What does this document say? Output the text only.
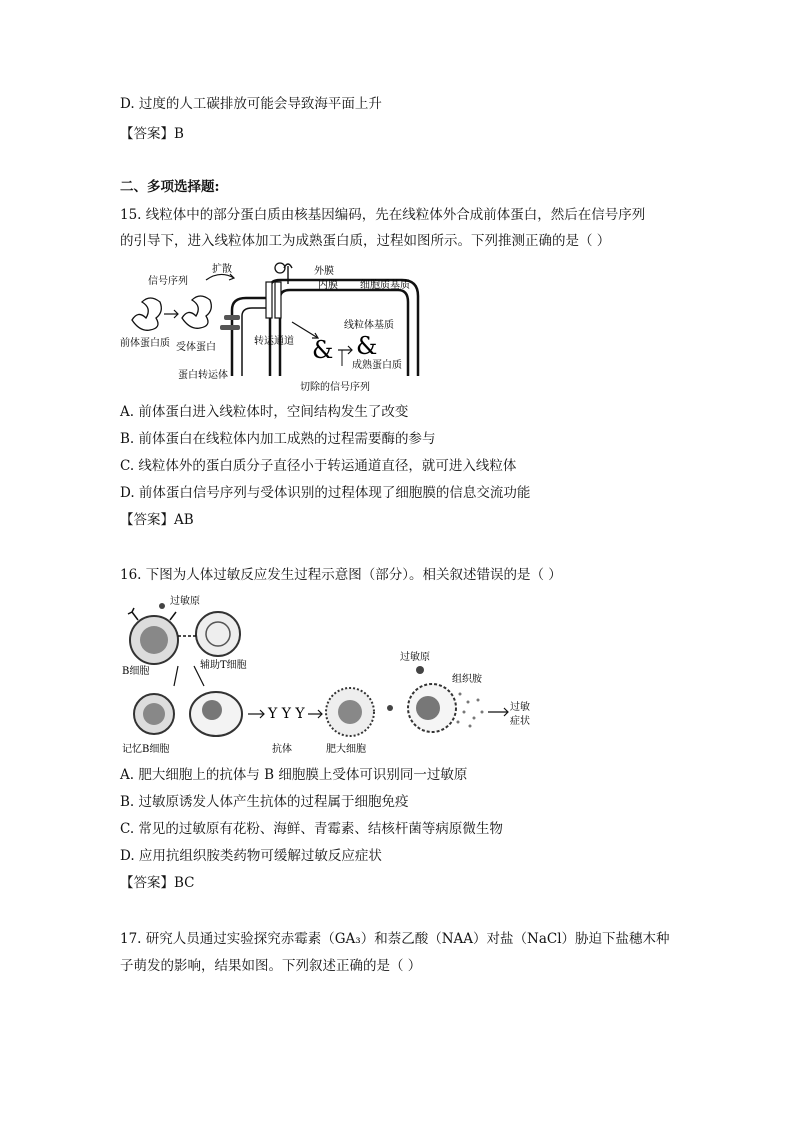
D. 过度的人工碳排放可能会导致海平面上升
【答案】B
二、多项选择题:
15. 线粒体中的部分蛋白质由核基因编码，先在线粒体外合成前体蛋白，然后在信号序列
的引导下，进入线粒体加工为成熟蛋白质，过程如图所示。下列推测正确的是（ ）
& &
信号序列
扩散	外膜
内膜 细胞质基质
前体蛋白质 受体蛋白
线粒体基质
转运通道
成熟蛋白质
蛋白转运体
切除的信号序列
A. 前体蛋白进入线粒体时，空间结构发生了改变
B. 前体蛋白在线粒体内加工成熟的过程需要酶的参与
C. 线粒体外的蛋白质分子直径小于转运通道直径，就可进入线粒体
D. 前体蛋白信号序列与受体识别的过程体现了细胞膜的信息交流功能
【答案】AB
16. 下图为人体过敏反应发生过程示意图（部分）。相关叙述错误的是（ ）
Y Y Y
过敏原
B细胞
辅助T细胞
记忆B细胞	抗体	肥大细胞
过敏原
组织胺
过敏
症状
A. 肥大细胞上的抗体与 B 细胞膜上受体可识别同一过敏原
B. 过敏原诱发人体产生抗体的过程属于细胞免疫
C. 常见的过敏原有花粉、海鲜、青霉素、结核杆菌等病原微生物
D. 应用抗组织胺类药物可缓解过敏反应症状
【答案】BC
17. 研究人员通过实验探究赤霉素（GA₃）和萘乙酸（NAA）对盐（NaCl）胁迫下盐穗木种
子萌发的影响，结果如图。下列叙述正确的是（ ）
